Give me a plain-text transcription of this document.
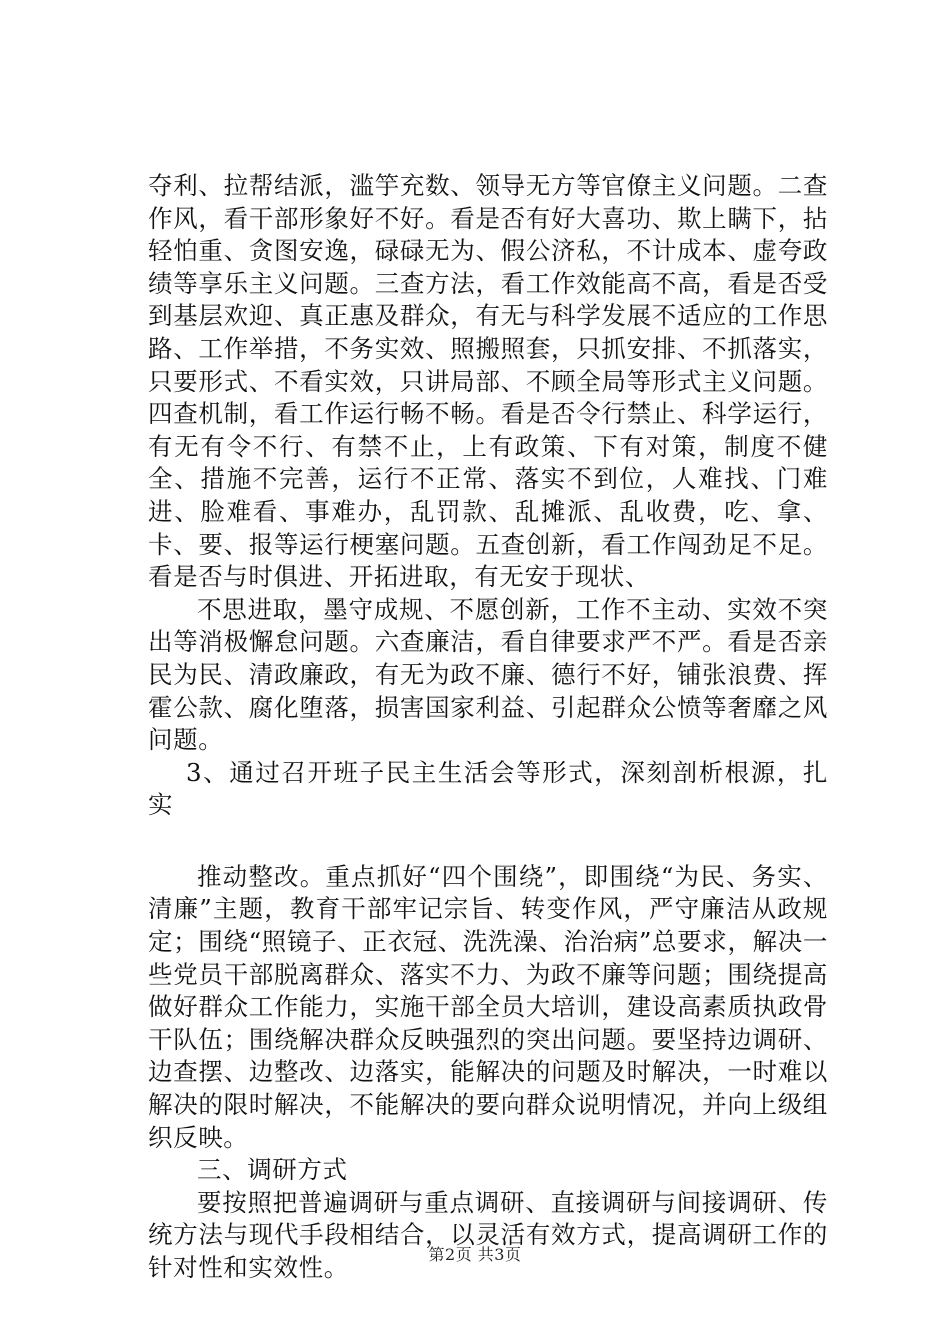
夺利、拉帮结派，滥竽充数、领导无方等官僚主义问题。二查作风，看干部形象好不好。看是否有好大喜功、欺上瞒下，拈轻怕重、贪图安逸，碌碌无为、假公济私，不计成本、虚夸政绩等享乐主义问题。三查方法，看工作效能高不高，看是否受到基层欢迎、真正惠及群众，有无与科学发展不适应的工作思路、工作举措，不务实效、照搬照套，只抓安排、不抓落实，只要形式、不看实效，只讲局部、不顾全局等形式主义问题。四查机制，看工作运行畅不畅。看是否令行禁止、科学运行，有无有令不行、有禁不止，上有政策、下有对策，制度不健全、措施不完善，运行不正常、落实不到位，人难找、门难进、脸难看、事难办，乱罚款、乱摊派、乱收费，吃、拿、卡、要、报等运行梗塞问题。五查创新，看工作闯劲足不足。看是否与时俱进、开拓进取，有无安于现状、

不思进取，墨守成规、不愿创新，工作不主动、实效不突出等消极懈怠问题。六查廉洁，看自律要求严不严。看是否亲民为民、清政廉政，有无为政不廉、德行不好，铺张浪费、挥霍公款、腐化堕落，损害国家利益、引起群众公愤等奢靡之风问题。

3、通过召开班子民主生活会等形式，深刻剖析根源，扎实

推动整改。重点抓好“四个围绕”，即围绕“为民、务实、清廉”主题，教育干部牢记宗旨、转变作风，严守廉洁从政规定；围绕“照镜子、正衣冠、洗洗澡、治治病”总要求，解决一些党员干部脱离群众、落实不力、为政不廉等问题；围绕提高做好群众工作能力，实施干部全员大培训，建设高素质执政骨干队伍；围绕解决群众反映强烈的突出问题。要坚持边调研、边查摆、边整改、边落实，能解决的问题及时解决，一时难以解决的限时解决，不能解决的要向群众说明情况，并向上级组织反映。

三、调研方式

要按照把普遍调研与重点调研、直接调研与间接调研、传统方法与现代手段相结合，以灵活有效方式，提高调研工作的针对性和实效性。	第2页 共3页
